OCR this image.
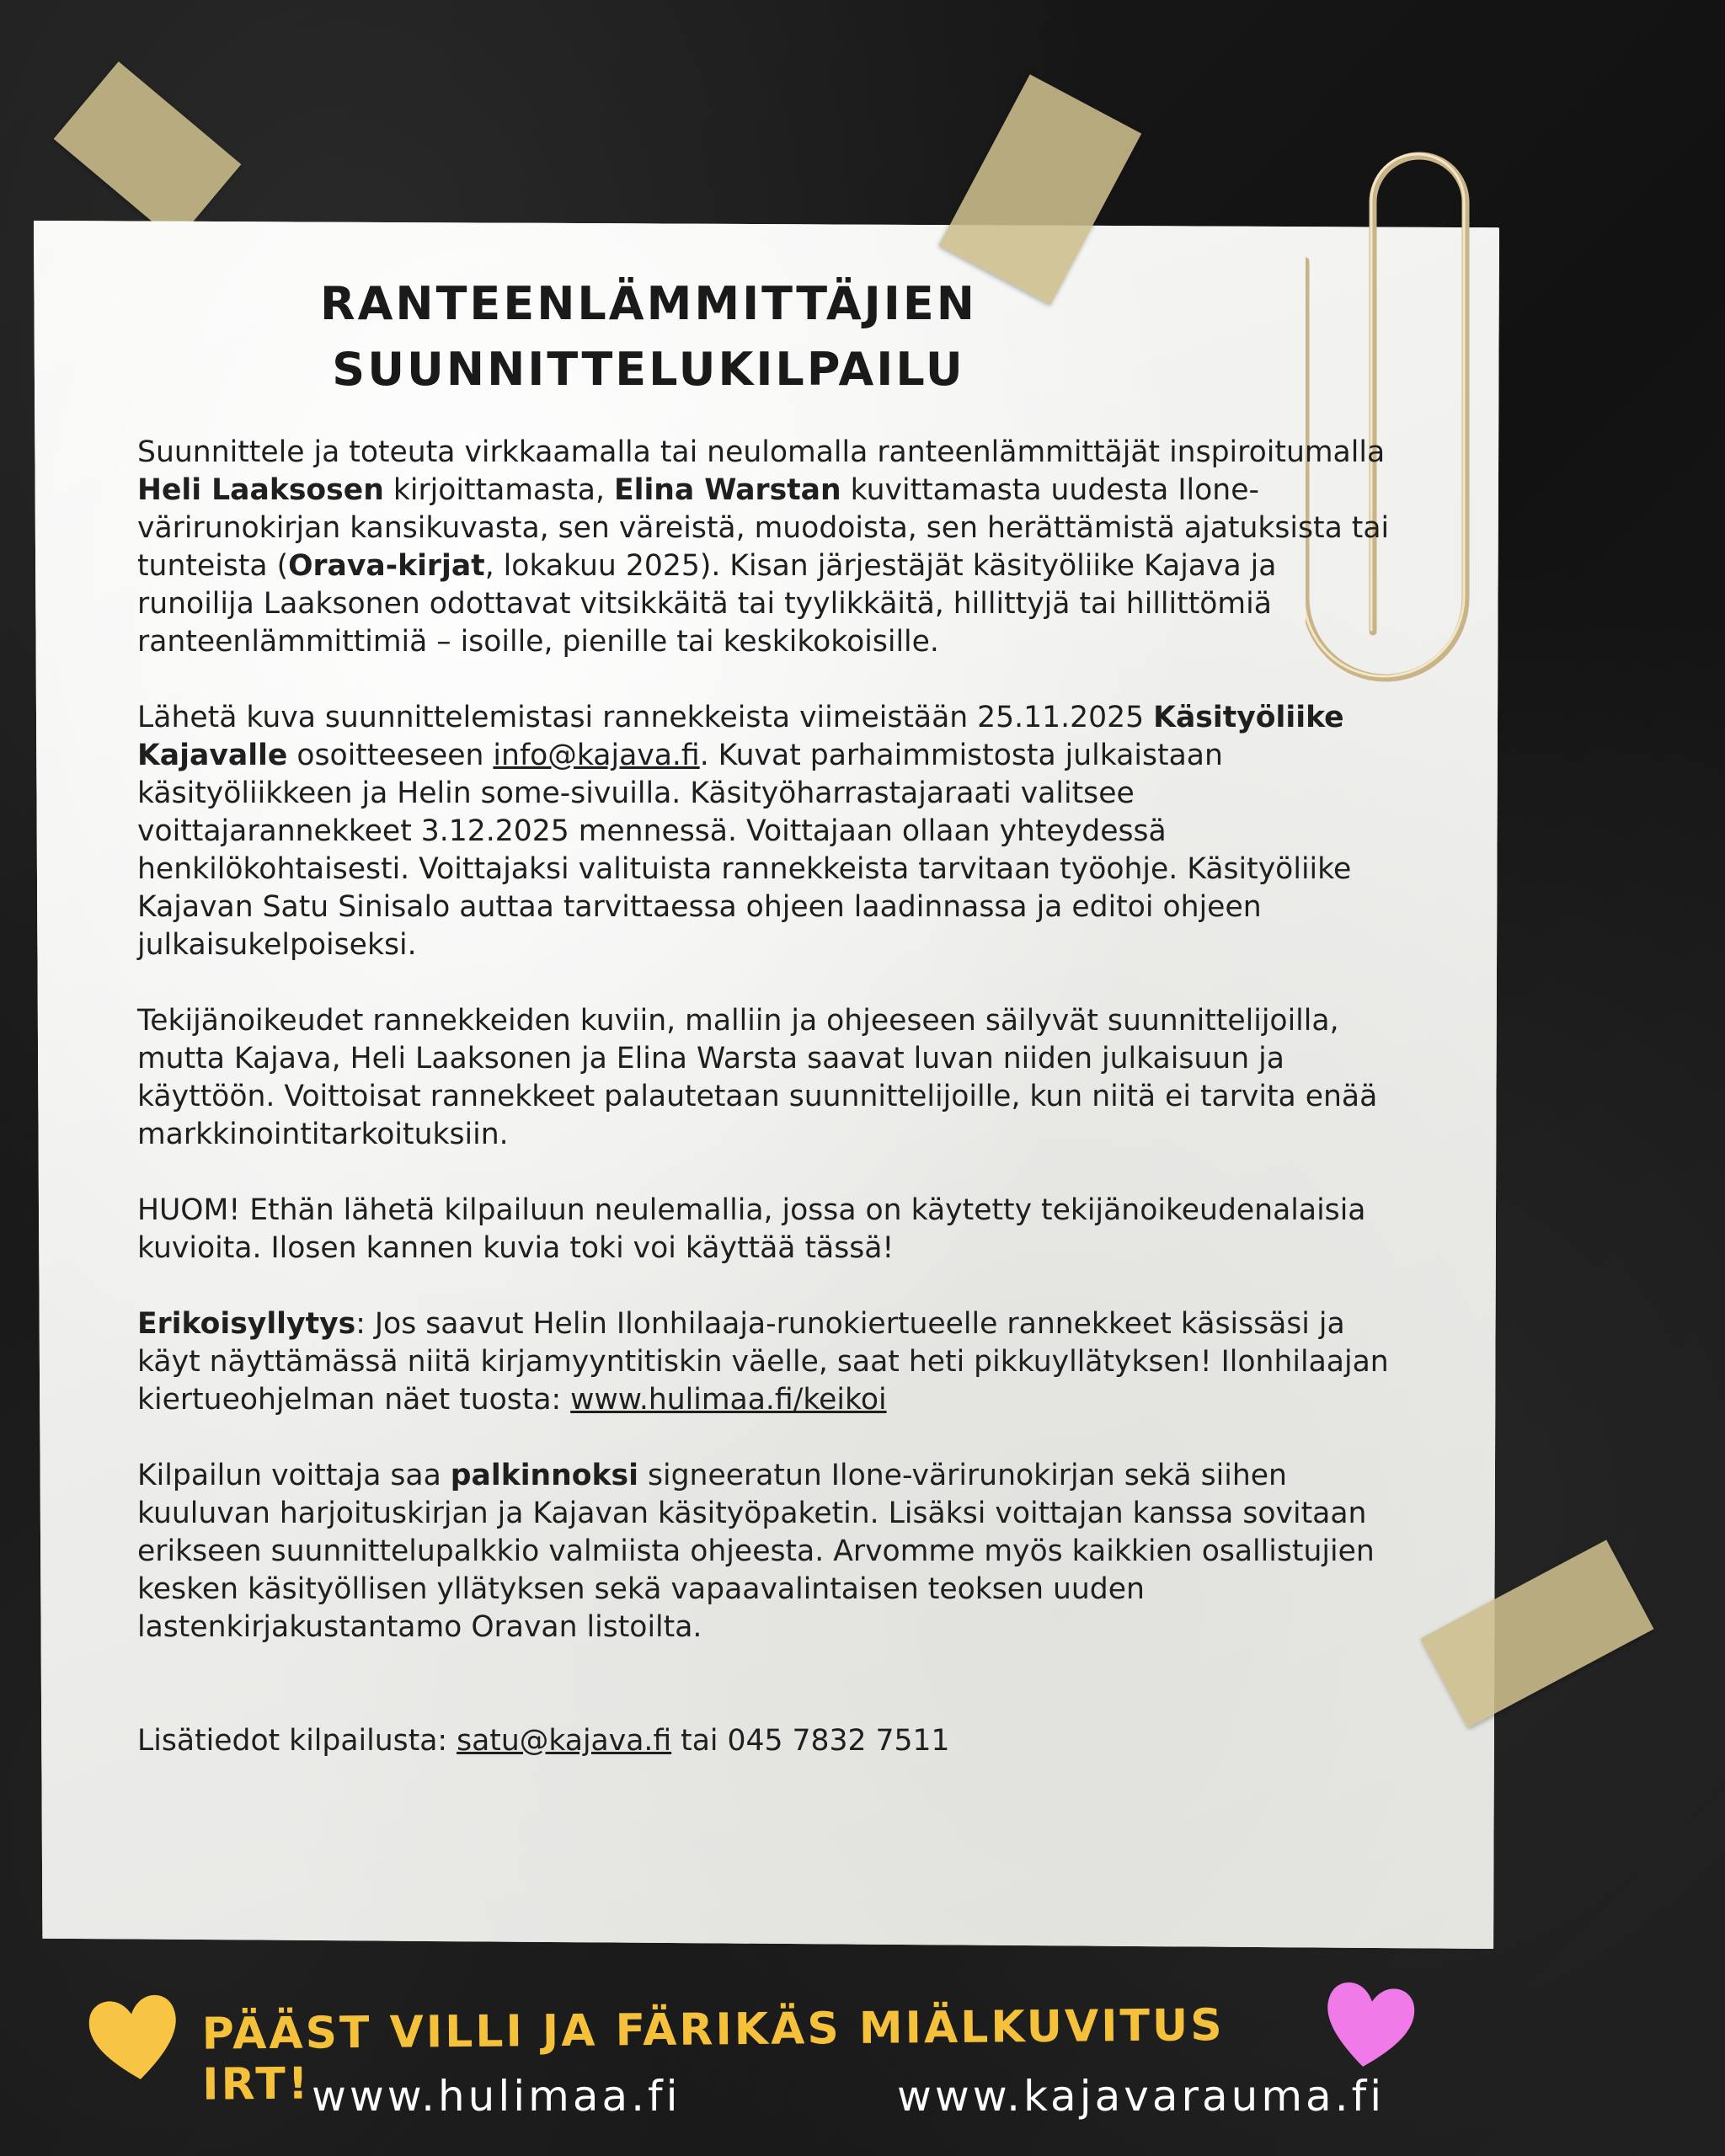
RANTEENLÄMMITTÄJIEN
SUUNNITTELUKILPAILU

Suunnittele ja toteuta virkkaamalla tai neulomalla ranteenlämmittäjät inspiroitumalla Heli Laaksosen kirjoittamasta, Elina Warstan kuvittamasta uudesta Ilone-värirunokirjan kansikuvasta, sen väreistä, muodoista, sen herättämistä ajatuksista tai tunteista (Orava-kirjat, lokakuu 2025). Kisan järjestäjät käsityöliike Kajava ja runoilija Laaksonen odottavat vitsikkäitä tai tyylikkäitä, hillittyjä tai hillittömiä ranteenlämmittimiä – isoille, pienille tai keskikokoisille.

Lähetä kuva suunnittelemistasi rannekkeista viimeistään 25.11.2025 Käsityöliike Kajavalle osoitteeseen info@kajava.fi. Kuvat parhaimmistosta julkaistaan käsityöliikkeen ja Helin some-sivuilla. Käsityöharrastajaraati valitsee voittajarannekkeet 3.12.2025 mennessä. Voittajaan ollaan yhteydessä henkilökohtaisesti. Voittajaksi valituista rannekkeista tarvitaan työohje. Käsityöliike Kajavan Satu Sinisalo auttaa tarvittaessa ohjeen laadinnassa ja editoi ohjeen julkaisukelpoiseksi.

Tekijänoikeudet rannekkeiden kuviin, malliin ja ohjeeseen säilyvät suunnittelijoilla, mutta Kajava, Heli Laaksonen ja Elina Warsta saavat luvan niiden julkaisuun ja käyttöön. Voittoisat rannekkeet palautetaan suunnittelijoille, kun niitä ei tarvita enää markkinointitarkoituksiin.

HUOM! Ethän lähetä kilpailuun neulemallia, jossa on käytetty tekijänoikeudenalaisia kuvioita. Ilosen kannen kuvia toki voi käyttää tässä!

Erikoisyllytys: Jos saavut Helin Ilonhilaaja-runokiertueelle rannekkeet käsissäsi ja käyt näyttämässä niitä kirjamyyntitiskin väelle, saat heti pikkuyllätyksen! Ilonhilaajan kiertueohjelman näet tuosta: www.hulimaa.fi/keikoi

Kilpailun voittaja saa palkinnoksi signeeratun Ilone-värirunokirjan sekä siihen kuuluvan harjoituskirjan ja Kajavan käsityöpaketin. Lisäksi voittajan kanssa sovitaan erikseen suunnittelupalkkio valmiista ohjeesta. Arvomme myös kaikkien osallistujien kesken käsityöllisen yllätyksen sekä vapaavalintaisen teoksen uuden lastenkirjakustantamo Oravan listoilta.

Lisätiedot kilpailusta: satu@kajava.fi tai 045 7832 7511

PÄÄST VILLI JA FÄRIKÄS MIÄLKUVITUS IRT! www.hulimaa.fi	www.kajavarauma.fi
